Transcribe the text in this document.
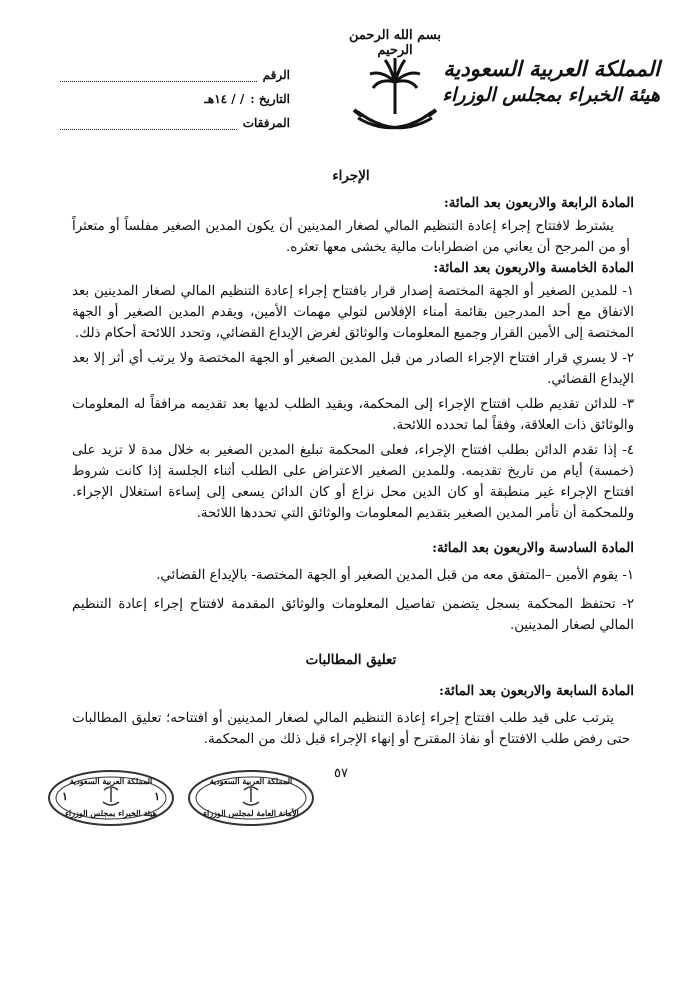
بسم الله الرحمن الرحيم
المملكة العربية السعودية
هيئة الخبراء بمجلس الوزراء
الرقم
التاريخ :
/ / ١٤هـ
المرفقات
الإجراء
المادة الرابعة والاربعون بعد المائة:

يشترط لافتتاح إجراء إعادة التنظيم المالي لصغار المدينين أن يكون المدين الصغير مفلساً أو متعثراً أو من المرجح أن يعاني من اضطرابات مالية يخشى معها تعثره.

المادة الخامسة والاربعون بعد المائة:

١- للمدين الصغير أو الجهة المختصة إصدار قرار بافتتاح إجراء إعادة التنظيم المالي لصغار المدينين بعد الاتفاق مع أحد المدرجين بقائمة أمناء الإفلاس لتولي مهمات الأمين، ويقدم المدين الصغير أو الجهة المختصة إلى الأمين القرار وجميع المعلومات والوثائق لغرض الإيداع القضائي، وتحدد اللائحة أحكام ذلك.

٢- لا يسري قرار افتتاح الإجراء الصادر من قبل المدين الصغير أو الجهة المختصة ولا يرتب أي أثر إلا بعد الإيداع القضائي.

٣- للدائن تقديم طلب افتتاح الإجراء إلى المحكمة، ويقيد الطلب لديها بعد تقديمه مرافقاً له المعلومات والوثائق ذات العلاقة، وفقاً لما تحدده اللائحة.

٤- إذا تقدم الدائن بطلب افتتاح الإجراء، فعلى المحكمة تبليغ المدين الصغير به خلال مدة لا تزيد على (خمسة) أيام من تاريخ تقديمه. وللمدين الصغير الاعتراض على الطلب أثناء الجلسة إذا كانت شروط افتتاح الإجراء غير منطبقة أو كان الدين محل نزاع أو كان الدائن يسعى إلى إساءة استغلال الإجراء. وللمحكمة أن تأمر المدين الصغير بتقديم المعلومات والوثائق التي تحددها اللائحة.

المادة السادسة والاربعون بعد المائة:

١- يقوم الأمين –المتفق معه من قبل المدين الصغير أو الجهة المختصة- بالإيداع القضائي.

٢- تحتفظ المحكمة بسجل يتضمن تفاصيل المعلومات والوثائق المقدمة لافتتاح إجراء إعادة التنظيم المالي لصغار المدينين.

تعليق المطالبات
المادة السابعة والاربعون بعد المائة:

يترتب على قيد طلب افتتاح إجراء إعادة التنظيم المالي لصغار المدينين أو افتتاحه؛ تعليق المطالبات حتى رفض طلب الافتتاح أو نفاذ المقترح أو إنهاء الإجراء قبل ذلك من المحكمة.

٥٧
المملكة العربية السعودية
هيئة الخبراء بمجلس الوزراء
١	١
المملكة العربية السعودية
الأمانة العامة لمجلس الوزراء
